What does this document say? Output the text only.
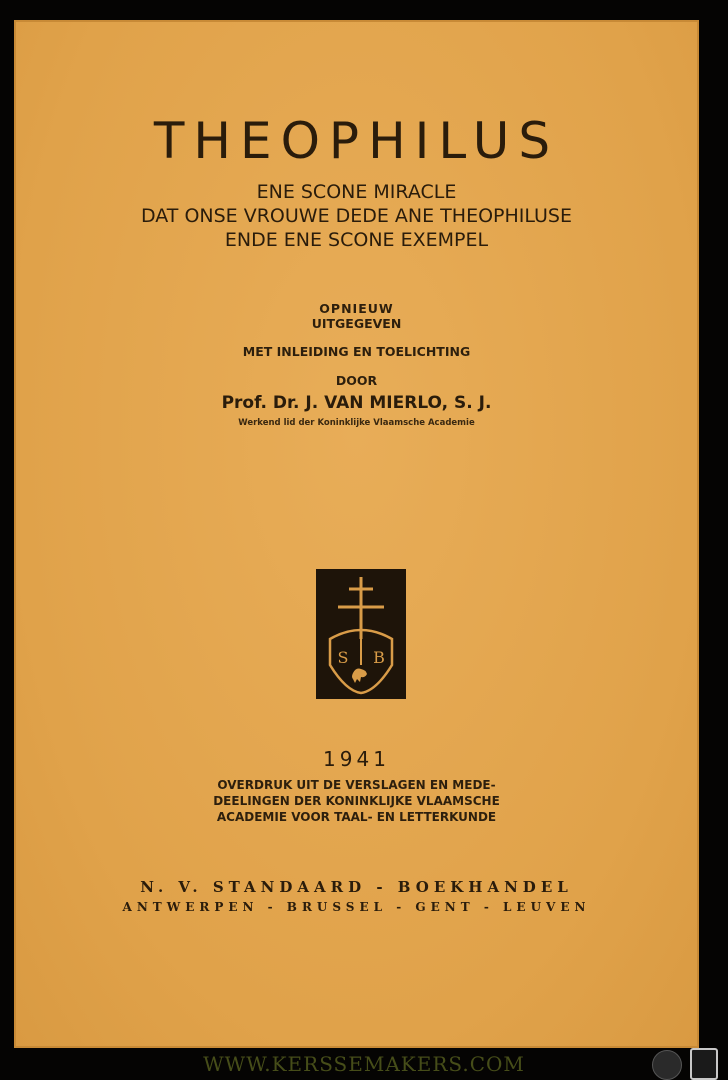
THEOPHILUS
ENE SCONE MIRACLE
DAT ONSE VROUWE DEDE ANE THEOPHILUSE
ENDE ENE SCONE EXEMPEL
OPNIEUW
UITGEGEVEN
MET INLEIDING EN TOELICHTING
DOOR
Prof. Dr. J. VAN MIERLO, S. J.
Werkend lid der Koninklijke Vlaamsche Academie
S B
1941
OVERDRUK UIT DE VERSLAGEN EN MEDE-
DEELINGEN DER KONINKLIJKE VLAAMSCHE
ACADEMIE VOOR TAAL- EN LETTERKUNDE
N. V. STANDAARD - BOEKHANDEL
ANTWERPEN - BRUSSEL - GENT - LEUVEN
WWW.KERSSEMAKERS.COM
